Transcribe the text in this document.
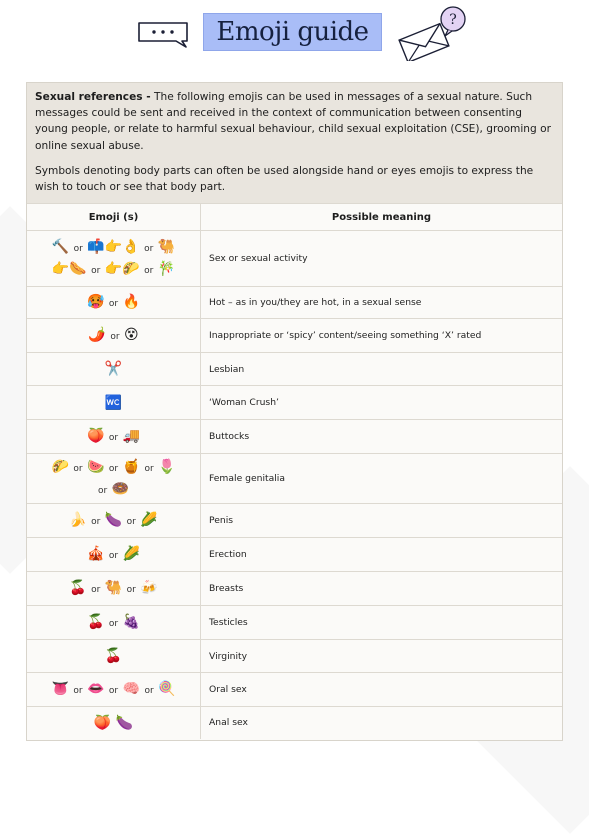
Emoji guide	?

Sexual references - The following emojis can be used in messages of a sexual nature. Such messages could be sent and received in the context of communication between consenting young people, or relate to harmful sexual behaviour, child sexual exploitation (CSE), grooming or online sexual abuse.

Symbols denoting body parts can often be used alongside hand or eyes emojis to express the wish to touch or see that body part.

Emoji (s)	Possible meaning

🔨 or 📫👉👌 or 🐫
👉🌭 or 👉🌮 or 🎋	Sex or sexual activity

🥵 or 🔥	Hot – as in you/they are hot, in a sexual sense

🌶️ or 😵	Inappropriate or ‘spicy’ content/seeing something ‘X’ rated

✂️	Lesbian

🚾	‘Woman Crush’

🍑 or 🚚	Buttocks

🌮 or 🍉 or 🍯 or 🌷
or 🍩	Female genitalia

🍌 or 🍆 or 🌽	Penis

🎪 or 🌽	Erection

🍒 or 🐫 or 🍻	Breasts

🍒 or 🍇	Testicles

🍒	Virginity

👅 or 👄 or 🧠 or 🍭	Oral sex

🍑 🍆	Anal sex
